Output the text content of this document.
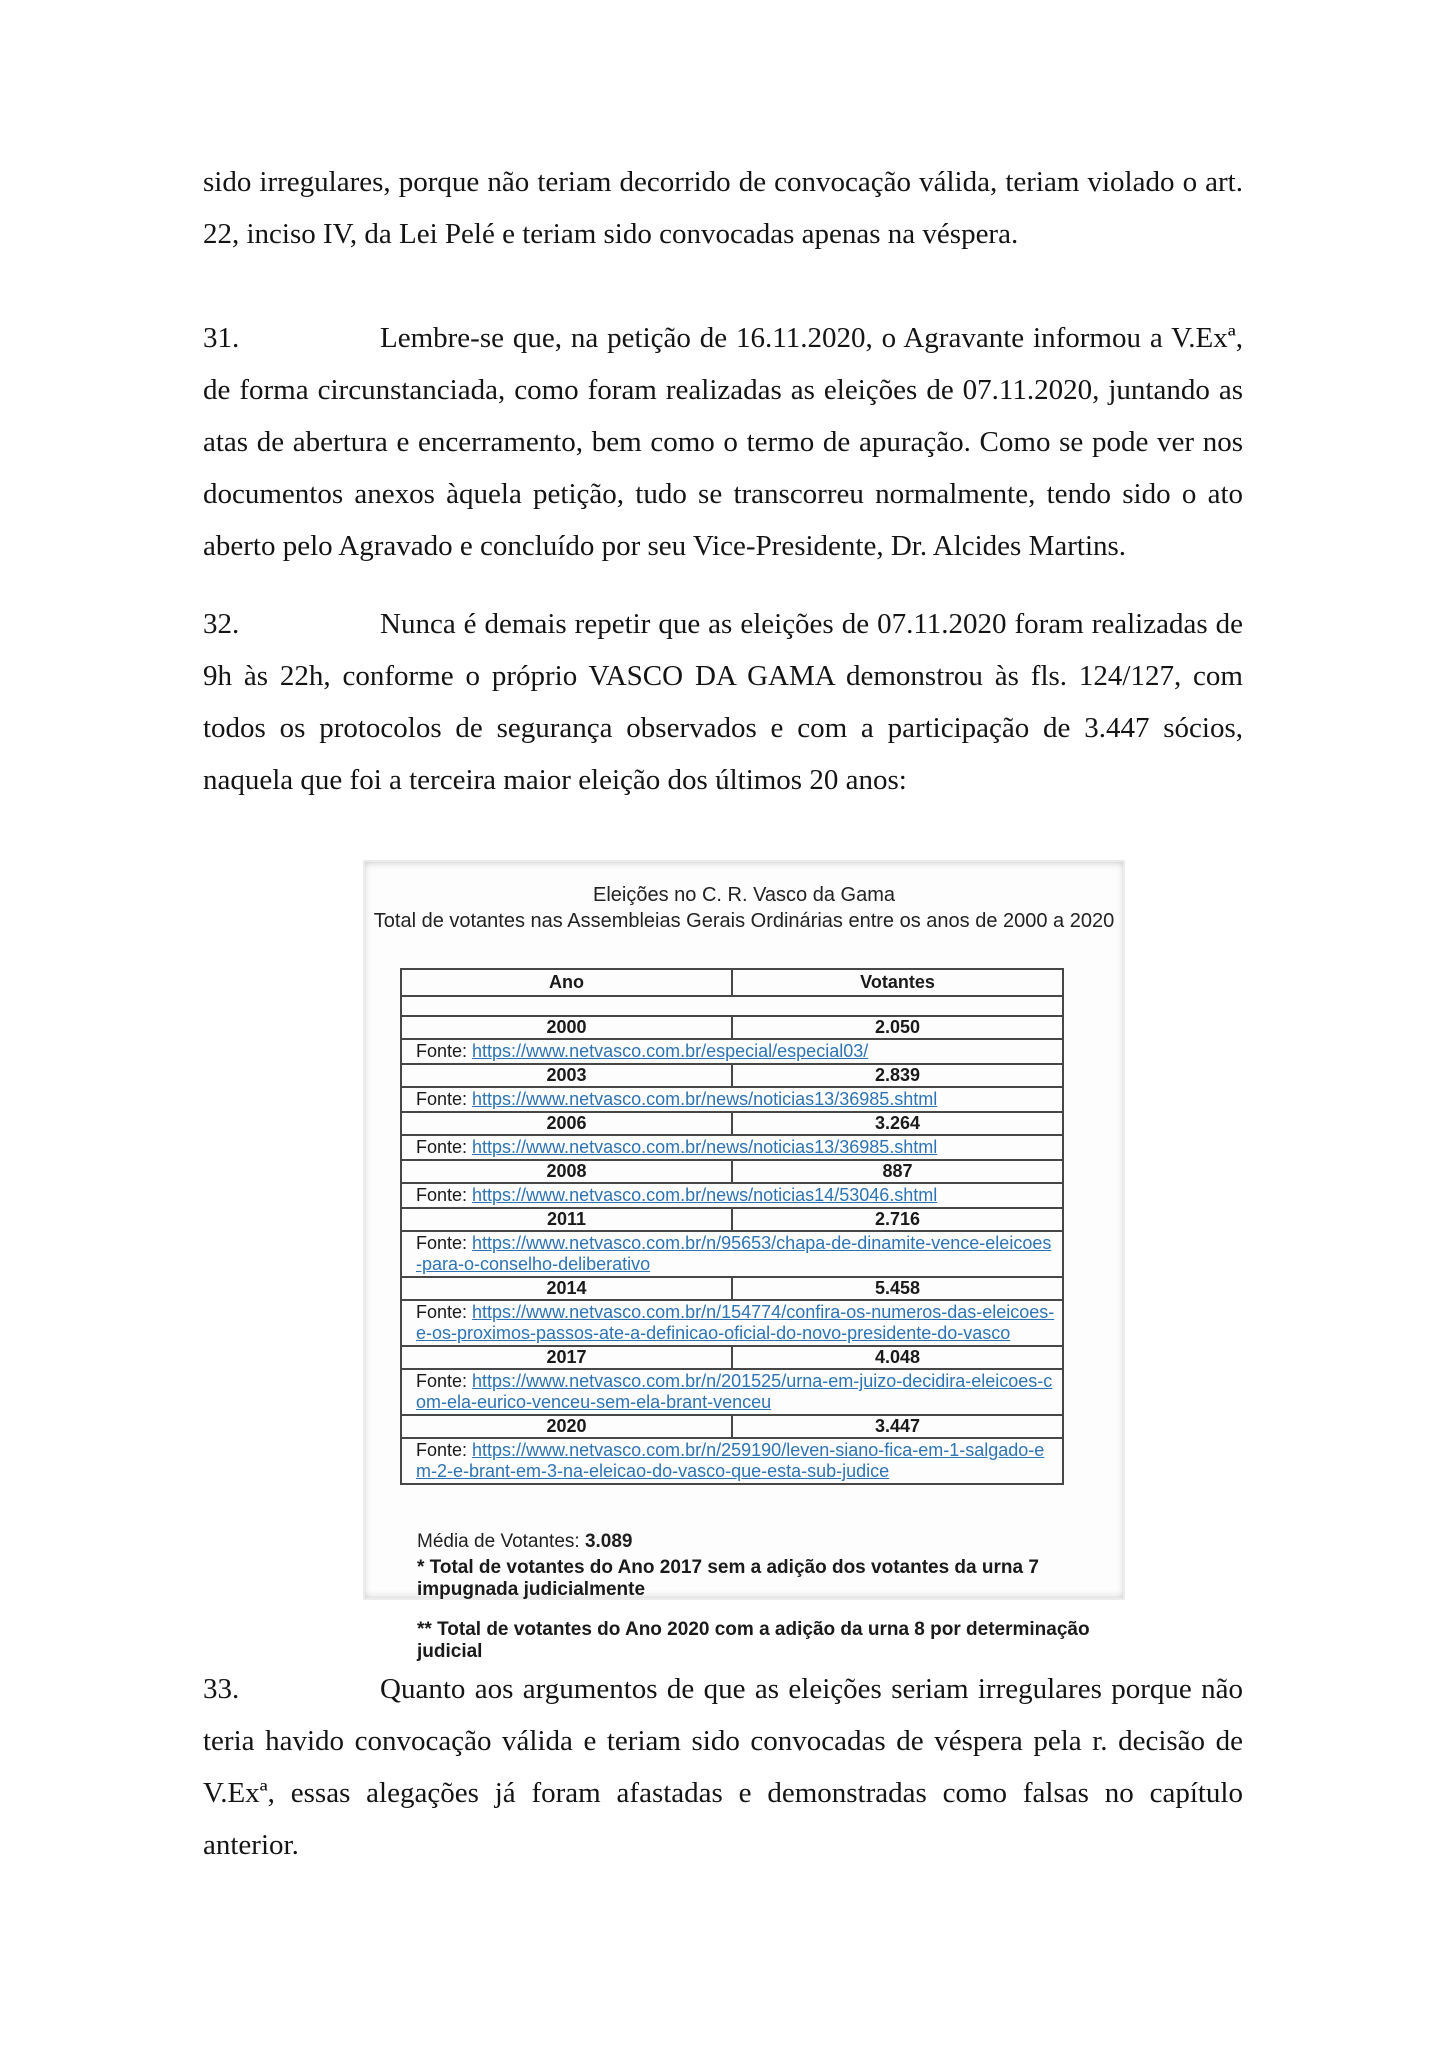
sido irregulares, porque não teriam decorrido de convocação válida, teriam violado o art. 22, inciso IV, da Lei Pelé e teriam sido convocadas apenas na véspera.

31.	Lembre-se que, na petição de 16.11.2020, o Agravante informou a V.Exª, de forma circunstanciada, como foram realizadas as eleições de 07.11.2020, juntando as atas de abertura e encerramento, bem como o termo de apuração. Como se pode ver nos documentos anexos àquela petição, tudo se transcorreu normalmente, tendo sido o ato aberto pelo Agravado e concluído por seu Vice-Presidente, Dr. Alcides Martins.

32.	Nunca é demais repetir que as eleições de 07.11.2020 foram realizadas de 9h às 22h, conforme o próprio VASCO DA GAMA demonstrou às fls. 124/127, com todos os protocolos de segurança observados e com a participação de 3.447 sócios, naquela que foi a terceira maior eleição dos últimos 20 anos:

33.	Quanto aos argumentos de que as eleições seriam irregulares porque não teria havido convocação válida e teriam sido convocadas de véspera pela r. decisão de V.Exª, essas alegações já foram afastadas e demonstradas como falsas no capítulo anterior.

Eleições no C. R. Vasco da Gama
Total de votantes nas Assembleias Gerais Ordinárias entre os anos de 2000 a 2020
Ano	Votantes

2000	2.050
Fonte: https://www.netvasco.com.br/especial/especial03/	
2003	2.839
Fonte: https://www.netvasco.com.br/news/noticias13/36985.shtml	
2006	3.264
Fonte: https://www.netvasco.com.br/news/noticias13/36985.shtml	
2008	887
Fonte: https://www.netvasco.com.br/news/noticias14/53046.shtml	
2011	2.716
Fonte: https://www.netvasco.com.br/n/95653/chapa-de-dinamite-vence-eleicoes-para-o-conselho-deliberativo	
2014	5.458
Fonte: https://www.netvasco.com.br/n/154774/confira-os-numeros-das-eleicoes-e-os-proximos-passos-ate-a-definicao-oficial-do-novo-presidente-do-vasco	
2017	4.048
Fonte: https://www.netvasco.com.br/n/201525/urna-em-juizo-decidira-eleicoes-com-ela-eurico-venceu-sem-ela-brant-venceu	
2020	3.447
Fonte: https://www.netvasco.com.br/n/259190/leven-siano-fica-em-1-salgado-em-2-e-brant-em-3-na-eleicao-do-vasco-que-esta-sub-judice	
Média de Votantes: 3.089
* Total de votantes do Ano 2017 sem a adição dos votantes da urna 7 impugnada judicialmente
** Total de votantes do Ano 2020 com a adição da urna 8 por determinação judicial
